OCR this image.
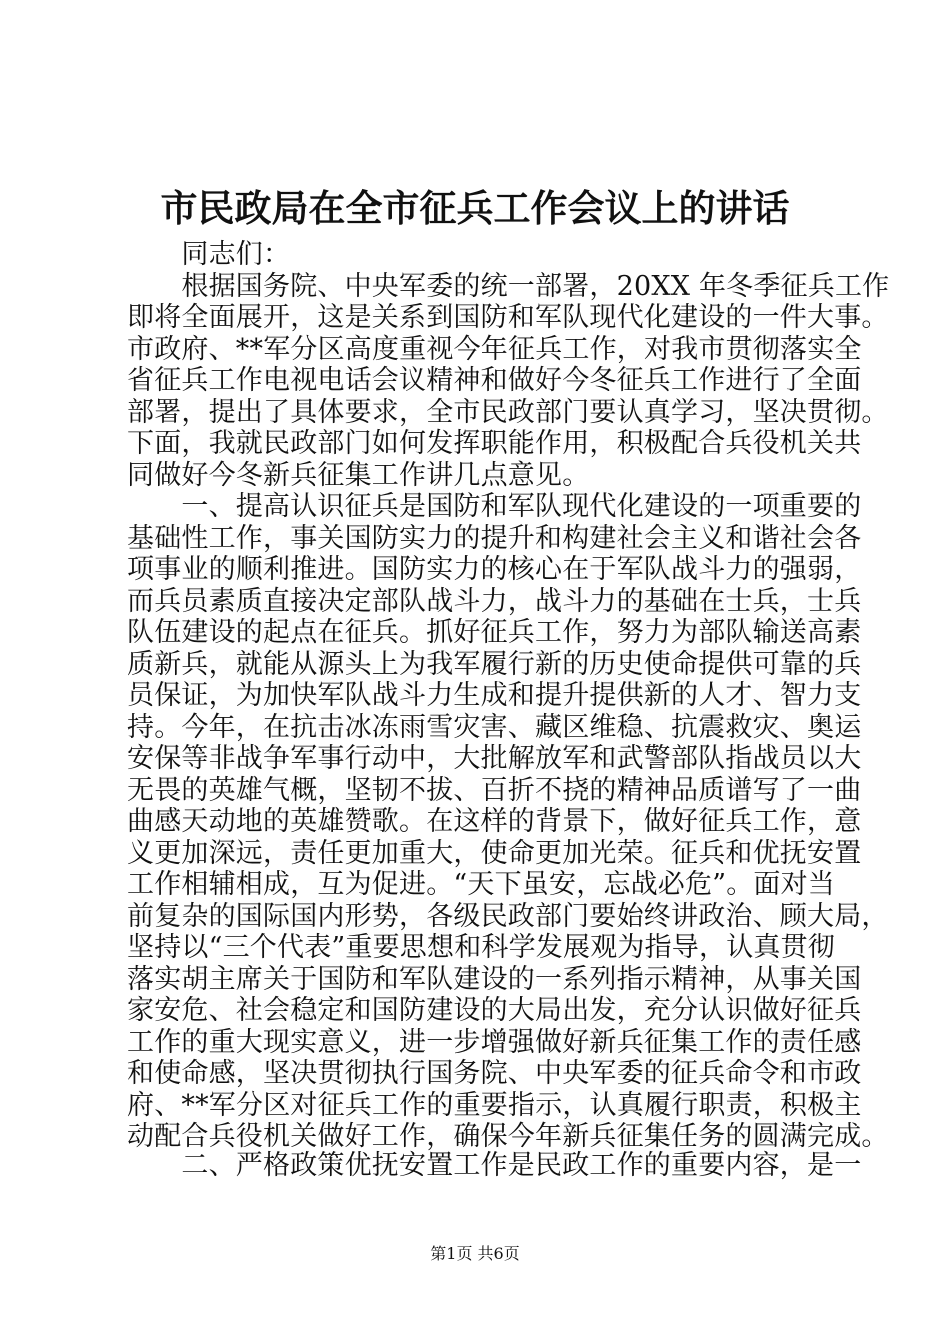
市民政局在全市征兵工作会议上的讲话
　　同志们：
　　根据国务院、中央军委的统一部署，20XX 年冬季征兵工作
即将全面展开，这是关系到国防和军队现代化建设的一件大事。
市政府、**军分区高度重视今年征兵工作，对我市贯彻落实全
省征兵工作电视电话会议精神和做好今冬征兵工作进行了全面
部署，提出了具体要求，全市民政部门要认真学习，坚决贯彻。
下面，我就民政部门如何发挥职能作用，积极配合兵役机关共
同做好今冬新兵征集工作讲几点意见。
　　一、提高认识征兵是国防和军队现代化建设的一项重要的
基础性工作，事关国防实力的提升和构建社会主义和谐社会各
项事业的顺利推进。国防实力的核心在于军队战斗力的强弱，
而兵员素质直接决定部队战斗力，战斗力的基础在士兵，士兵
队伍建设的起点在征兵。抓好征兵工作，努力为部队输送高素
质新兵，就能从源头上为我军履行新的历史使命提供可靠的兵
员保证，为加快军队战斗力生成和提升提供新的人才、智力支
持。今年，在抗击冰冻雨雪灾害、藏区维稳、抗震救灾、奥运
安保等非战争军事行动中，大批解放军和武警部队指战员以大
无畏的英雄气概，坚韧不拔、百折不挠的精神品质谱写了一曲
曲感天动地的英雄赞歌。在这样的背景下，做好征兵工作，意
义更加深远，责任更加重大，使命更加光荣。征兵和优抚安置
工作相辅相成，互为促进。“天下虽安，忘战必危”。面对当
前复杂的国际国内形势，各级民政部门要始终讲政治、顾大局，
坚持以“三个代表”重要思想和科学发展观为指导，认真贯彻
落实胡主席关于国防和军队建设的一系列指示精神，从事关国
家安危、社会稳定和国防建设的大局出发，充分认识做好征兵
工作的重大现实意义，进一步增强做好新兵征集工作的责任感
和使命感，坚决贯彻执行国务院、中央军委的征兵命令和市政
府、**军分区对征兵工作的重要指示，认真履行职责，积极主
动配合兵役机关做好工作，确保今年新兵征集任务的圆满完成。
　　二、严格政策优抚安置工作是民政工作的重要内容，是一
第1页 共6页
